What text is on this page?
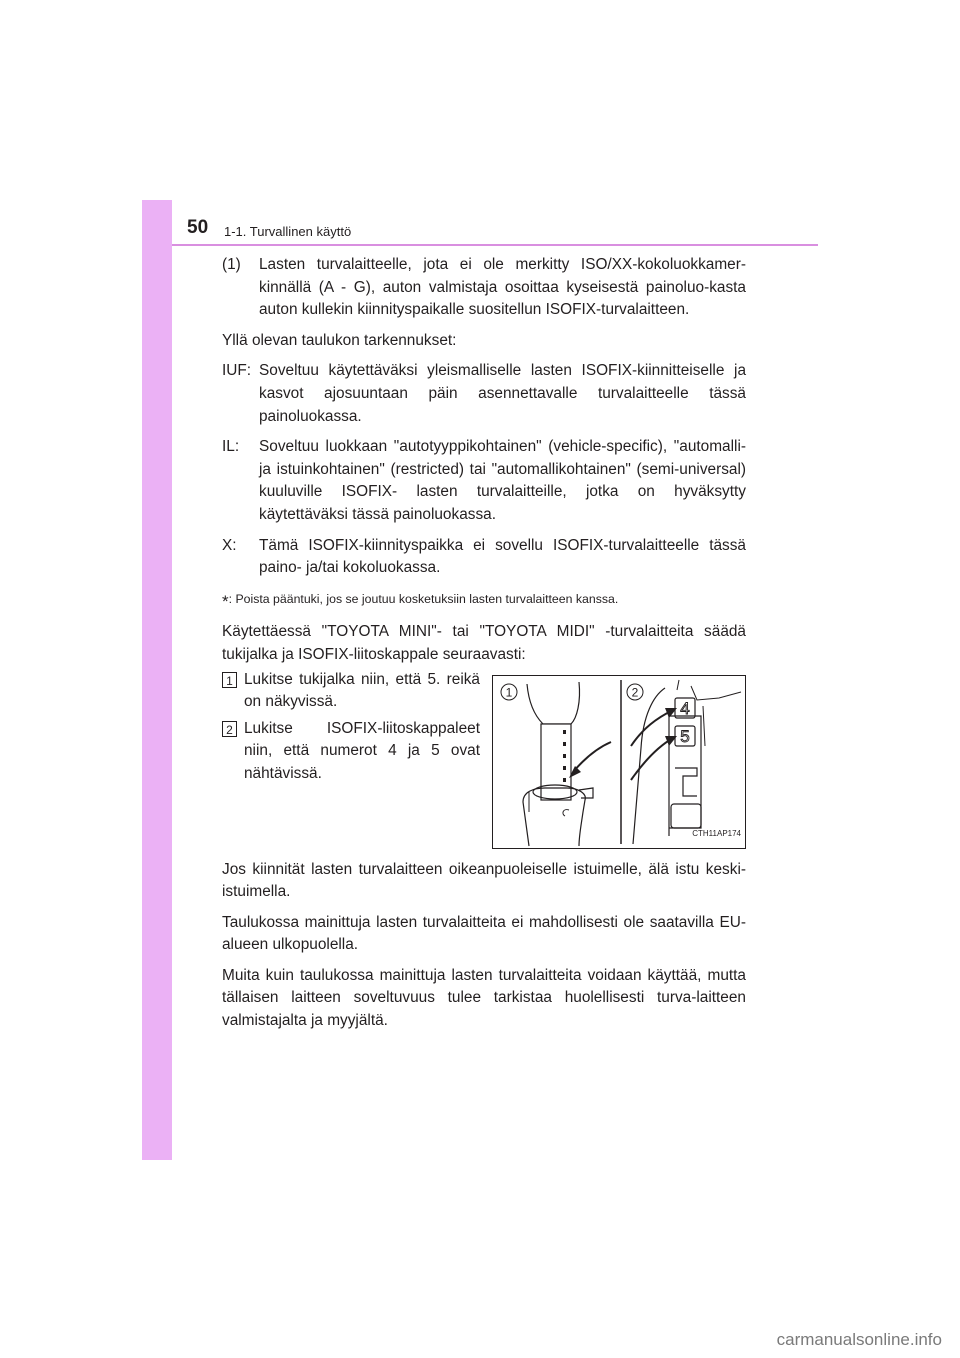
50 1-1. Turvallinen käyttö
(1)	Lasten turvalaitteelle, jota ei ole merkitty ISO/XX-kokoluokkamer-kinnällä (A - G), auton valmistaja osoittaa kyseisestä painoluo-kasta auton kullekin kiinnityspaikalle suositellun ISOFIX-turvalaitteen.

Yllä olevan taulukon tarkennukset:

IUF: Soveltuu käytettäväksi yleismalliselle lasten ISOFIX-kiinnitteiselle ja kasvot ajosuuntaan päin asennettavalle turvalaitteelle tässä painoluokassa.
IL:	Soveltuu luokkaan "autotyyppikohtainen" (vehicle-specific), "automalli- ja istuinkohtainen" (restricted) tai "automallikohtainen" (semi-universal) kuuluville ISOFIX- lasten turvalaitteille, jotka on hyväksytty käytettäväksi tässä painoluokassa.
X:	Tämä ISOFIX-kiinnityspaikka ei sovellu ISOFIX-turvalaitteelle tässä paino- ja/tai kokoluokassa.

*: Poista pääntuki, jos se joutuu kosketuksiin lasten turvalaitteen kanssa.

Käytettäessä "TOYOTA MINI"- tai "TOYOTA MIDI" -turvalaitteita säädä tukijalka ja ISOFIX-liitoskappale seuraavasti:

1 Lukitse tukijalka niin, että 5. reikä on näkyvissä.
2 Lukitse ISOFIX-liitoskappaleet niin, että numerot 4 ja 5 ovat nähtävissä.
1	2
4
5
CTH11AP174

Jos kiinnität lasten turvalaitteen oikeanpuoleiselle istuimelle, älä istu keski-istuimella.

Taulukossa mainittuja lasten turvalaitteita ei mahdollisesti ole saatavilla EU-alueen ulkopuolella.

Muita kuin taulukossa mainittuja lasten turvalaitteita voidaan käyttää, mutta tällaisen laitteen soveltuvuus tulee tarkistaa huolellisesti turva-laitteen valmistajalta ja myyjältä.

carmanualsonline.info
